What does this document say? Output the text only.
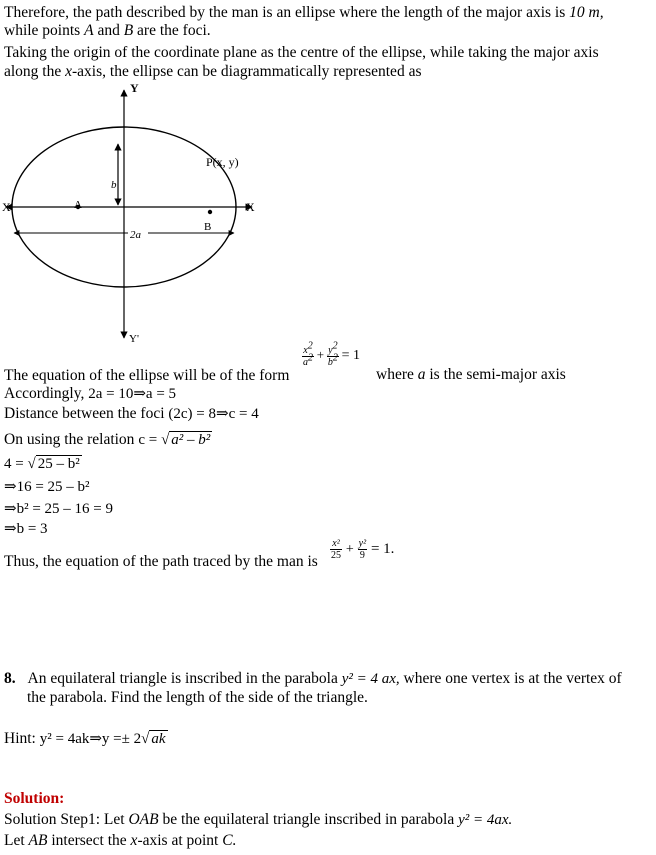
Therefore, the path described by the man is an ellipse where the length of the major axis is 10 m,
while points A and B are the foci.
Taking the origin of the coordinate plane as the centre of the ellipse, while taking the major axis
along the x-axis, the ellipse can be diagrammatically represented as
Y
Y'
X
X'
P(x, y)
b
A
B
2a
The equation of the ellipse will be of the form
$\frac{x2}{a2} + \frac{y2}{b2} = 1$
where a is the semi-major axis
Accordingly, 2a = 10⇒a = 5
Distance between the foci (2c) = 8⇒c = 4
On using the relation c = √ a² – b²
4 = √ 25 – b²
⇒16 = 25 – b²
⇒b² = 25 – 16 = 9
⇒b = 3
Thus, the equation of the path traced by the man is
$\frac{\text{x²}}{25} + \frac{\text{y²}}{9} = 1$.
8. An equilateral triangle is inscribed in the parabola y² = 4 ax, where one vertex is at the vertex of
the parabola. Find the length of the side of the triangle.
Hint: y² = 4ak⇒y =± 2√ ak
Solution:
Solution Step1: Let OAB be the equilateral triangle inscribed in parabola y² = 4ax.
Let AB intersect the x-axis at point C.
